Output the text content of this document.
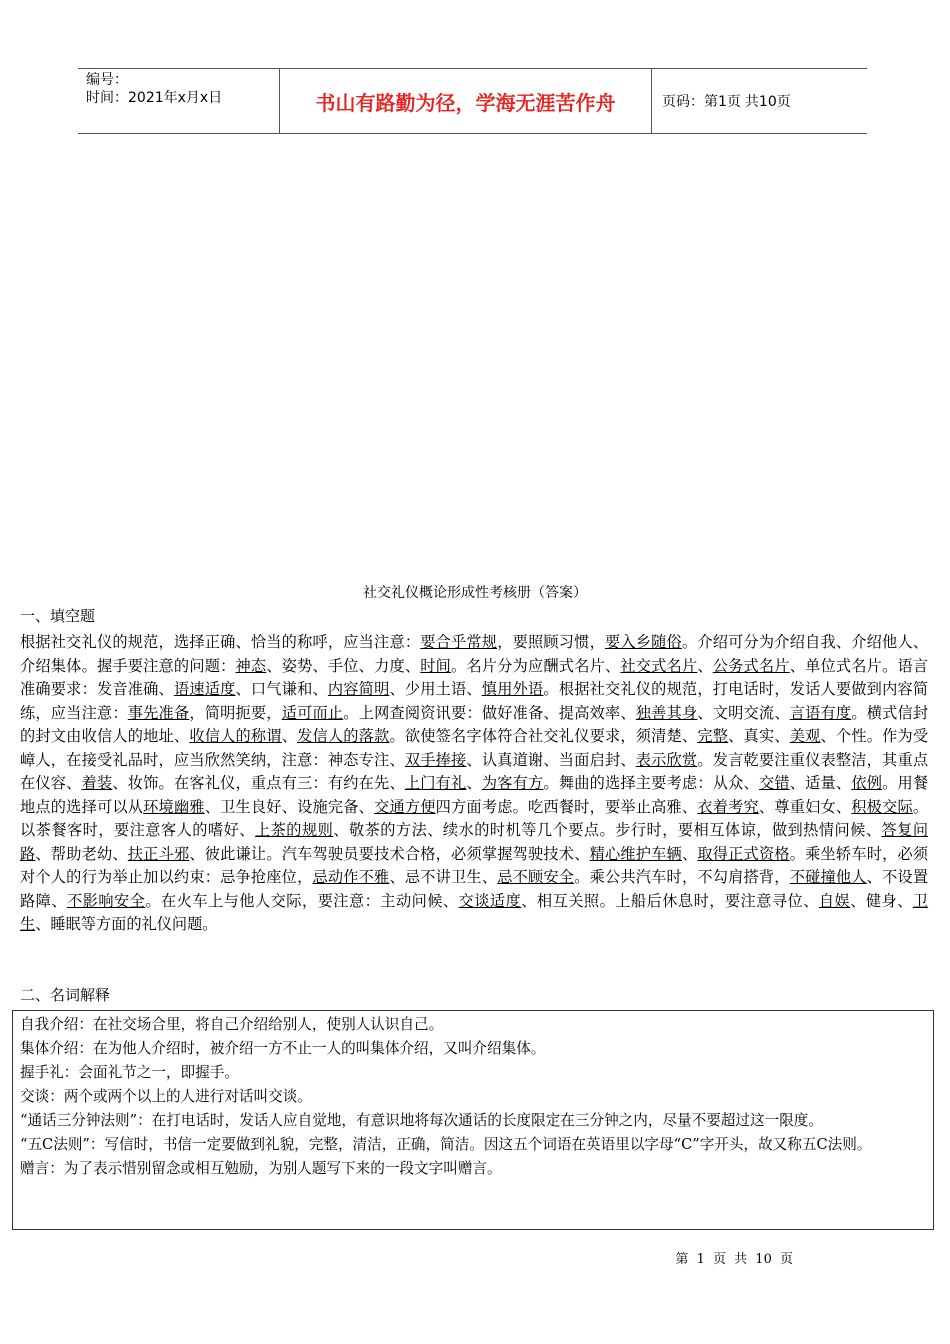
编号：
时间：2021年x月x日	书山有路勤为径，学海无涯苦作舟	页码：第1页 共10页
社交礼仪概论形成性考核册（答案）
一、填空题
根据社交礼仪的规范，选择正确、恰当的称呼，应当注意：要合乎常规，要照顾习惯，要入乡随俗。介绍可分为介绍自我、介绍他人、介绍集体。握手要注意的问题：神态、姿势、手位、力度、时间。名片分为应酬式名片、社交式名片、公务式名片、单位式名片。语言准确要求：发音准确、语速适度、口气谦和、内容简明、少用土语、慎用外语。根据社交礼仪的规范，打电话时，发话人要做到内容简练，应当注意：事先准备，简明扼要，适可而止。上网查阅资讯要：做好准备、提高效率、独善其身、文明交流、言语有度。横式信封的封文由收信人的地址、收信人的称谓、发信人的落款。欲使签名字体符合社交礼仪要求，须清楚、完整、真实、美观、个性。作为受嶂人，在接受礼品时，应当欣然笑纳，注意：神态专注、双手捧接、认真道谢、当面启封、表示欣赏。发言乾要注重仪表整洁，其重点在仪容、着装、妆饰。在客礼仪，重点有三：有约在先、上门有礼、为客有方。舞曲的选择主要考虑：从众、交错、适量、依例。用餐地点的选择可以从环境幽雅、卫生良好、设施完备、交通方便四方面考虑。吃西餐时，要举止高雅、衣着考究、尊重妇女、积极交际。以茶餐客时，要注意客人的嗜好、上茶的规则、敬茶的方法、续水的时机等几个要点。步行时，要相互体谅，做到热情问候、答复问路、帮助老幼、扶正斗邪、彼此谦让。汽车驾驶员要技术合格，必须掌握驾驶技术、精心维护车辆、取得正式资格。乘坐轿车时，必须对个人的行为举止加以约束：忌争抢座位，忌动作不雅、忌不讲卫生、忌不顾安全。乘公共汽车时，不勾肩搭背，不碰撞他人、不设置路障、不影响安全。在火车上与他人交际，要注意：主动问候、交谈适度、相互关照。上船后休息时，要注意寻位、自娱、健身、卫生、睡眠等方面的礼仪问题。
二、名词解释
自我介绍：在社交场合里，将自己介绍给别人，使别人认识自己。
集体介绍：在为他人介绍时，被介绍一方不止一人的叫集体介绍，又叫介绍集体。
握手礼：会面礼节之一，即握手。
交谈：两个或两个以上的人进行对话叫交谈。
“通话三分钟法则”：在打电话时，发话人应自觉地，有意识地将每次通话的长度限定在三分钟之内，尽量不要超过这一限度。
“五C法则”：写信时，书信一定要做到礼貌，完整，清洁，正确，简洁。因这五个词语在英语里以字母“C”字开头，故又称五C法则。
赠言：为了表示惜别留念或相互勉励，为别人题写下来的一段文字叫赠言。
第 1 页 共 10 页
